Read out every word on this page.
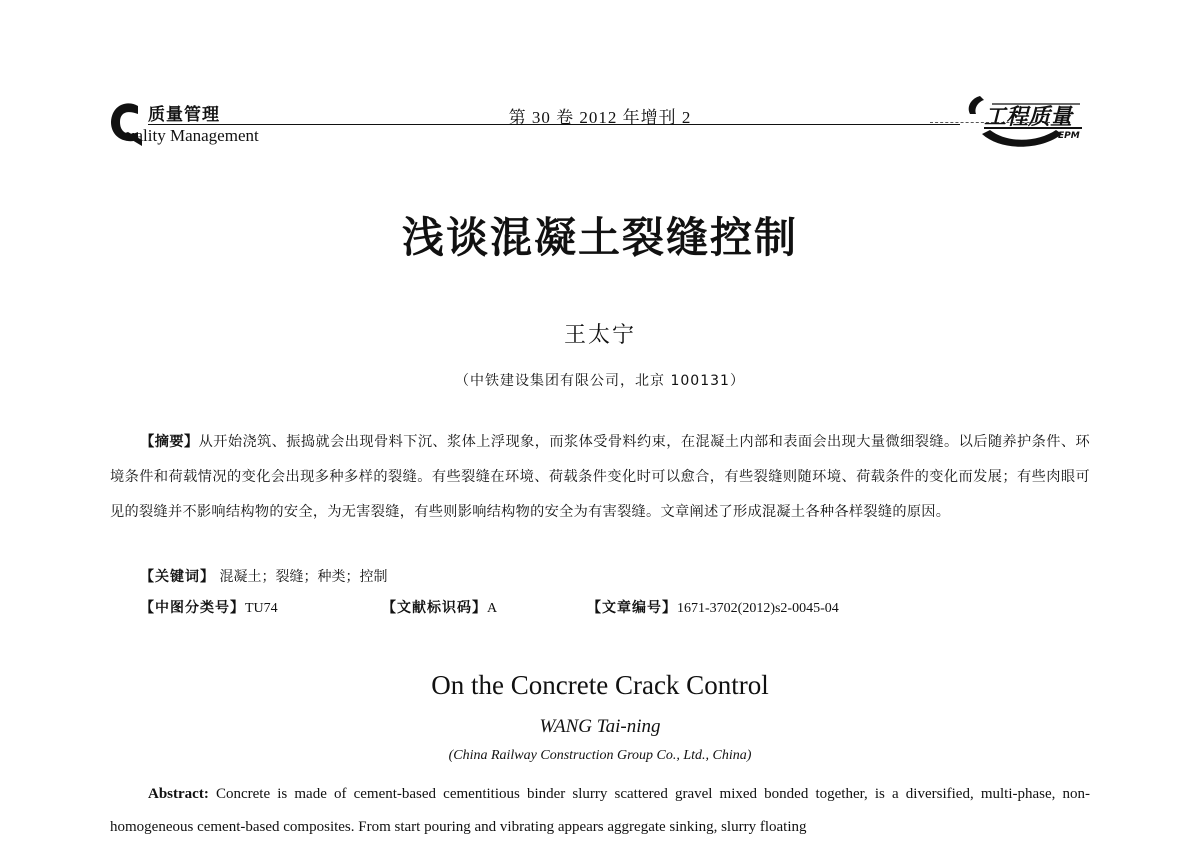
质量管理
uality Management
第 30 卷 2012 年增刊 2	工程质量
EPM
浅谈混凝土裂缝控制
王太宁
（中铁建设集团有限公司，北京 100131）
【摘要】从开始浇筑、振捣就会出现骨料下沉、浆体上浮现象，而浆体受骨料约束，在混凝土内部和表面会出现大量微细裂缝。以后随养护条件、环境条件和荷载情况的变化会出现多种多样的裂缝。有些裂缝在环境、荷载条件变化时可以愈合，有些裂缝则随环境、荷载条件的变化而发展；有些肉眼可见的裂缝并不影响结构物的安全，为无害裂缝，有些则影响结构物的安全为有害裂缝。文章阐述了形成混凝土各种各样裂缝的原因。
【关键词】 混凝土；裂缝；种类；控制
【中图分类号】TU74	【文献标识码】A	【文章编号】1671-3702(2012)s2-0045-04
On the Concrete Crack Control
WANG Tai-ning
(China Railway Construction Group Co., Ltd., China)
Abstract: Concrete is made of cement-based cementitious binder slurry scattered gravel mixed bonded together, is a diversified, multi-phase, non-homogeneous cement-based composites. From start pouring and vibrating appears aggregate sinking, slurry floating
